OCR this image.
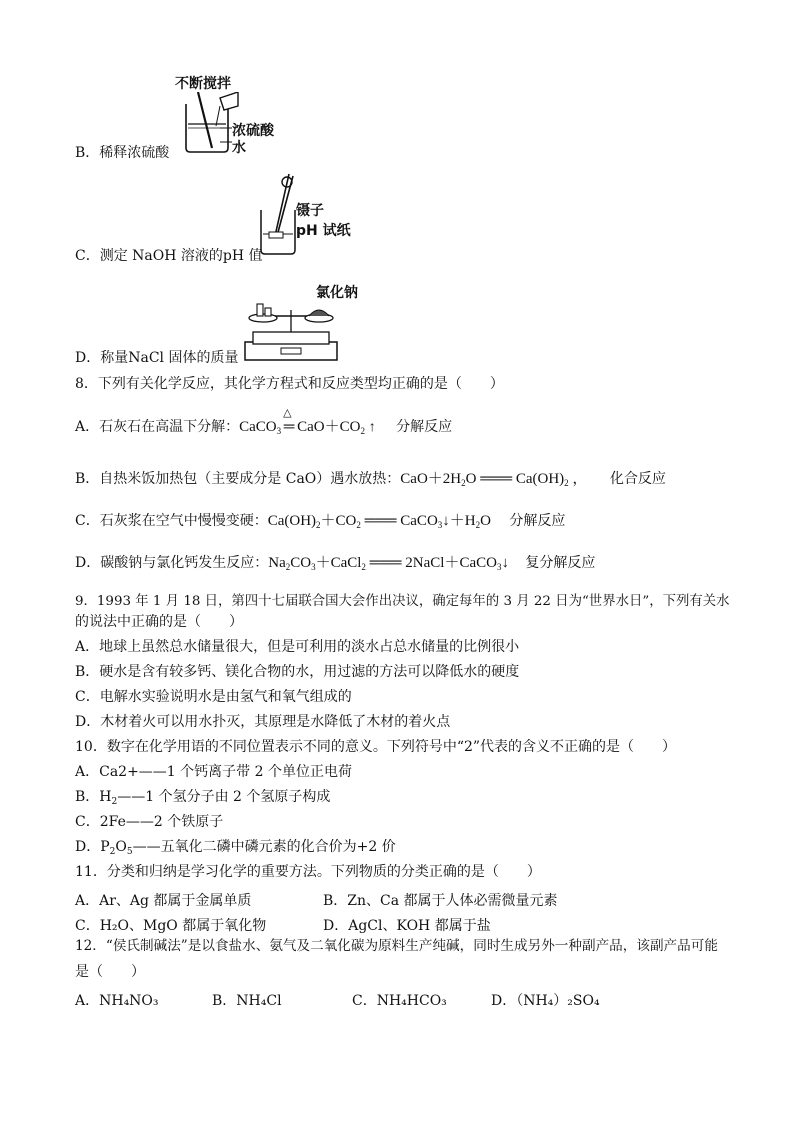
不断搅拌
浓硫酸
水
B．稀释浓硫酸
镊子
pH 试纸
C．测定 NaOH 溶液的pH 值
氯化钠
D．称量NaCl 固体的质量
8．下列有关化学反应，其化学方程式和反应类型均正确的是（　　）
A．石灰石在高温下分解：CaCO$_3$
△
═ $CaO+CO_2$ ↑ 分解反应
B．自热米饭加热包（主要成分是 CaO）遇水放热：$CaO+2H_2O$ ═══ $Ca(OH)_2$ ， 化合反应
C．石灰浆在空气中慢慢变硬：$Ca(OH)_2+CO_2$ ═══ $CaCO_3↓+H_2O$ 分解反应
D．碳酸钠与氯化钙发生反应：$Na_2CO_3+CaCl_2$ ═══ 2NaCl＋CaCO$_3$↓ 复分解反应
9．1993 年 1 月 18 日，第四十七届联合国大会作出决议，确定每年的 3 月 22 日为“世界水日”，下列有关水
的说法中正确的是（　　）
A．地球上虽然总水储量很大，但是可利用的淡水占总水储量的比例很小
B．硬水是含有较多钙、镁化合物的水，用过滤的方法可以降低水的硬度
C．电解水实验说明水是由氢气和氧气组成的
D．木材着火可以用水扑灭，其原理是水降低了木材的着火点
10．数字在化学用语的不同位置表示不同的意义。下列符号中“2”代表的含义不正确的是（　　）
A．Ca2+——1 个钙离子带 2 个单位正电荷
B．$H_2——1$ 个氢分子由 2 个氢原子构成
C．2Fe——2 个铁原子
D．$P_2O_5——$五氧化二磷中磷元素的化合价为+2 价
11．分类和归纳是学习化学的重要方法。下列物质的分类正确的是（　　）
A．Ar、Ag 都属于金属单质	B．Zn、Ca 都属于人体必需微量元素
C．H₂O、MgO 都属于氧化物	D．AgCl、KOH 都属于盐
12．“侯氏制碱法”是以食盐水、氨气及二氧化碳为原料生产纯碱，同时生成另外一种副产品，该副产品可能
是（　　）
A．NH₄NO₃	B．NH₄Cl	C．NH₄HCO₃	D．（NH₄）₂SO₄
